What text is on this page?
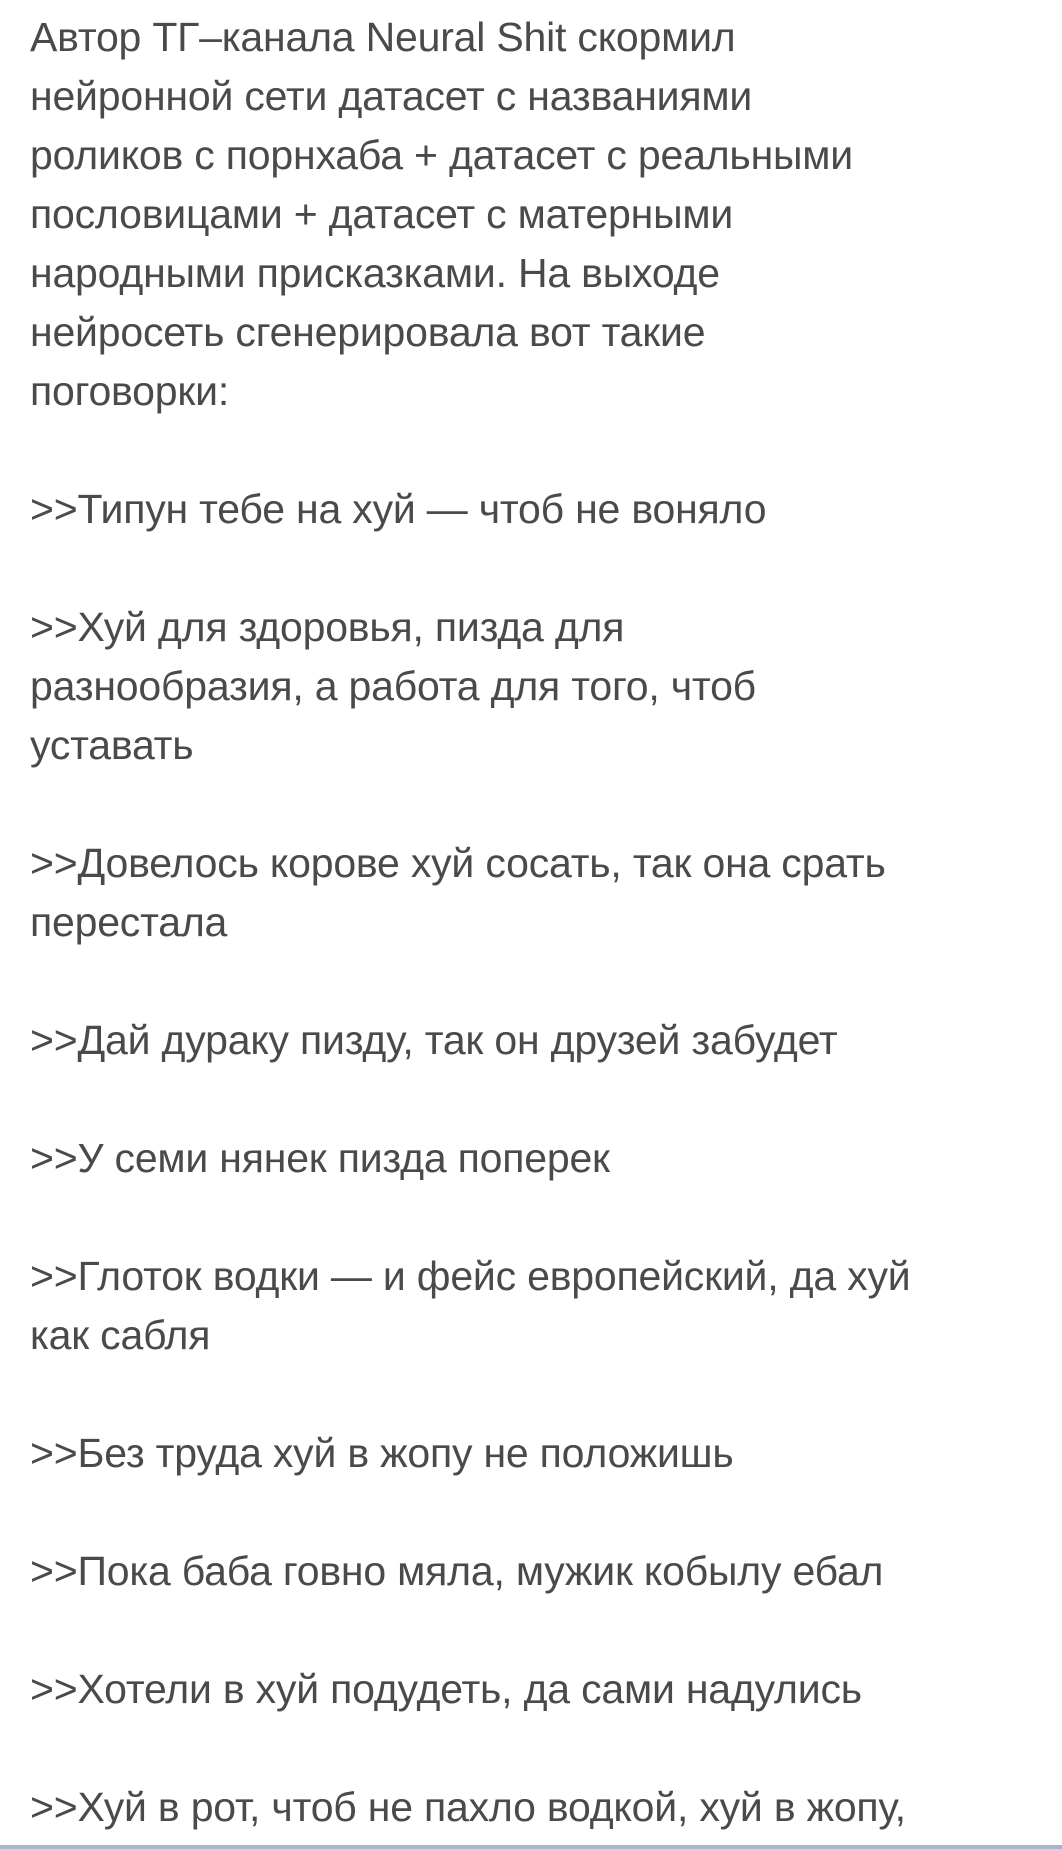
Автор ТГ–канала Neural Shit скормил
нейронной сети датасет с названиями
роликов с порнхаба + датасет с реальными
пословицами + датасет с матерными
народными присказками. На выходе
нейросеть сгенерировала вот такие
поговорки:
>>Типун тебе на хуй — чтоб не воняло
>>Хуй для здоровья, пизда для
разнообразия, а работа для того, чтоб
уставать
>>Довелось корове хуй сосать, так она срать
перестала
>>Дай дураку пизду, так он друзей забудет
>>У семи нянек пизда поперек
>>Глоток водки — и фейс европейский, да хуй
как сабля
>>Без труда хуй в жопу не положишь
>>Пока баба говно мяла, мужик кобылу ебал
>>Хотели в хуй подудеть, да сами надулись
>>Хуй в рот, чтоб не пахло водкой, хуй в жопу,
